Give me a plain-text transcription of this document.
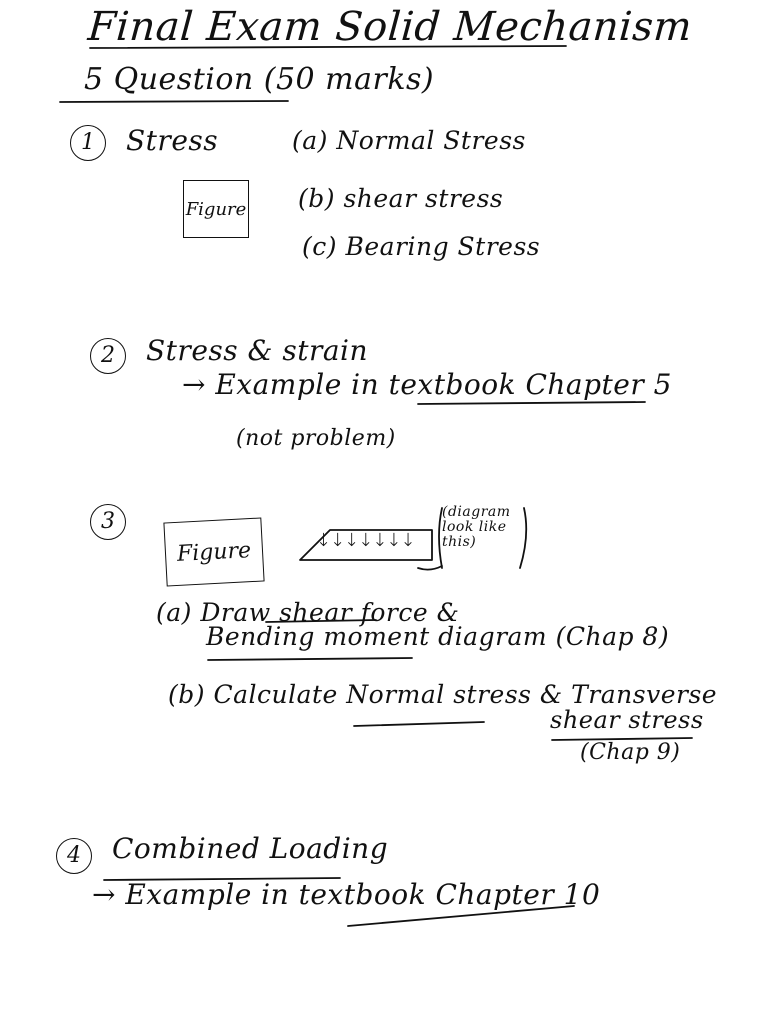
Final Exam Solid Mechanism
5 Question (50 marks)
1	Stress
Figure
(a) Normal Stress
(b) shear stress
(c) Bearing Stress
2	Stress & strain
→ Example in textbook Chapter 5
(not problem)
3
Figure	↓↓↓↓↓↓↓
(diagram look like this)
(a) Draw shear force &
Bending moment diagram (Chap 8)
(b) Calculate Normal stress & Transverse
shear stress
(Chap 9)
4	Combined Loading
→ Example in textbook Chapter 10
